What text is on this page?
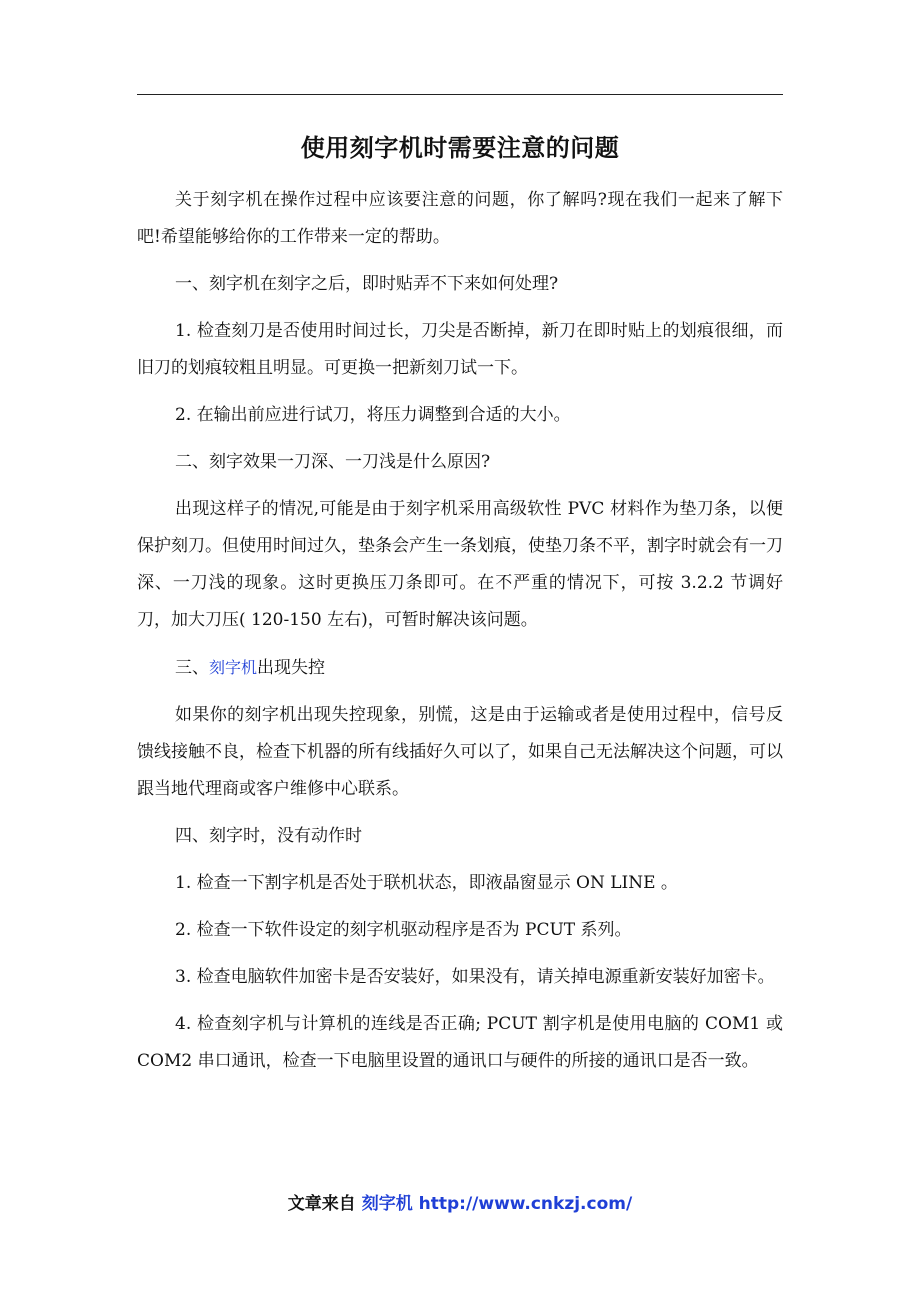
使用刻字机时需要注意的问题

关于刻字机在操作过程中应该要注意的问题，你了解吗?现在我们一起来了解下吧!希望能够给你的工作带来一定的帮助。

一、刻字机在刻字之后，即时贴弄不下来如何处理?

1. 检查刻刀是否使用时间过长，刀尖是否断掉，新刀在即时贴上的划痕很细，而旧刀的划痕较粗且明显。可更换一把新刻刀试一下。

2. 在输出前应进行试刀，将压力调整到合适的大小。

二、刻字效果一刀深、一刀浅是什么原因?

出现这样子的情况,可能是由于刻字机采用高级软性 PVC 材料作为垫刀条，以便保护刻刀。但使用时间过久，垫条会产生一条划痕，使垫刀条不平，割字时就会有一刀深、一刀浅的现象。这时更换压刀条即可。在不严重的情况下，可按 3.2.2 节调好刀，加大刀压( 120-150 左右)，可暂时解决该问题。

三、刻字机出现失控

如果你的刻字机出现失控现象，别慌，这是由于运输或者是使用过程中，信号反馈线接触不良，检查下机器的所有线插好久可以了，如果自己无法解决这个问题，可以跟当地代理商或客户维修中心联系。

四、刻字时，没有动作时

1. 检查一下割字机是否处于联机状态，即液晶窗显示 ON LINE 。

2. 检查一下软件设定的刻字机驱动程序是否为 PCUT 系列。

3. 检查电脑软件加密卡是否安装好，如果没有，请关掉电源重新安装好加密卡。

4. 检查刻字机与计算机的连线是否正确; PCUT 割字机是使用电脑的 COM1 或 COM2 串口通讯，检查一下电脑里设置的通讯口与硬件的所接的通讯口是否一致。

文章来自 刻字机 http://www.cnkzj.com/
